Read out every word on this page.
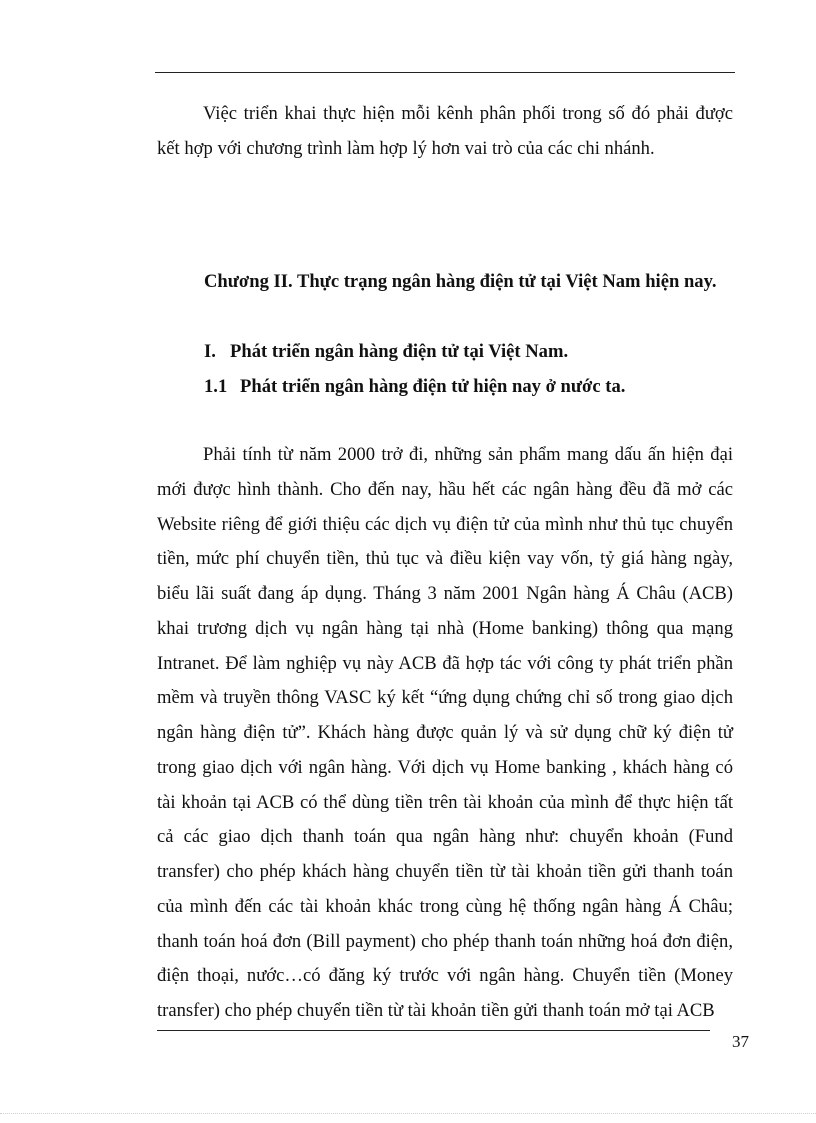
Việc triển khai thực hiện mỗi kênh phân phối trong số đó phải được kết hợp với chương trình làm hợp lý hơn vai trò của các chi nhánh.

Chương II. Thực trạng ngân hàng điện tử tại Việt Nam hiện nay.
I. Phát triển ngân hàng điện tử tại Việt Nam.
1.1 Phát triển ngân hàng điện tử hiện nay ở nước ta.

Phải tính từ năm 2000 trở đi, những sản phẩm mang dấu ấn hiện đại mới được hình thành. Cho đến nay, hầu hết các ngân hàng đều đã mở các Website riêng để giới thiệu các dịch vụ điện tử của mình như thủ tục chuyển tiền, mức phí chuyển tiền, thủ tục và điều kiện vay vốn, tỷ giá hàng ngày, biểu lãi suất đang áp dụng. Tháng 3 năm 2001 Ngân hàng Á Châu (ACB) khai trương dịch vụ ngân hàng tại nhà (Home banking) thông qua mạng Intranet. Để làm nghiệp vụ này ACB đã hợp tác với công ty phát triển phần mềm và truyền thông VASC ký kết “ứng dụng chứng chỉ số trong giao dịch ngân hàng điện tử”. Khách hàng được quản lý và sử dụng chữ ký điện tử trong giao dịch với ngân hàng. Với dịch vụ Home banking , khách hàng có tài khoản tại ACB có thể dùng tiền trên tài khoản của mình để thực hiện tất cả các giao dịch thanh toán qua ngân hàng như: chuyển khoản (Fund transfer) cho phép khách hàng chuyển tiền từ tài khoản tiền gửi thanh toán của mình đến các tài khoản khác trong cùng hệ thống ngân hàng Á Châu; thanh toán hoá đơn (Bill payment) cho phép thanh toán những hoá đơn điện, điện thoại, nước…có đăng ký trước với ngân hàng. Chuyển tiền (Money transfer) cho phép chuyển tiền từ tài khoản tiền gửi thanh toán mở tại ACB

37
